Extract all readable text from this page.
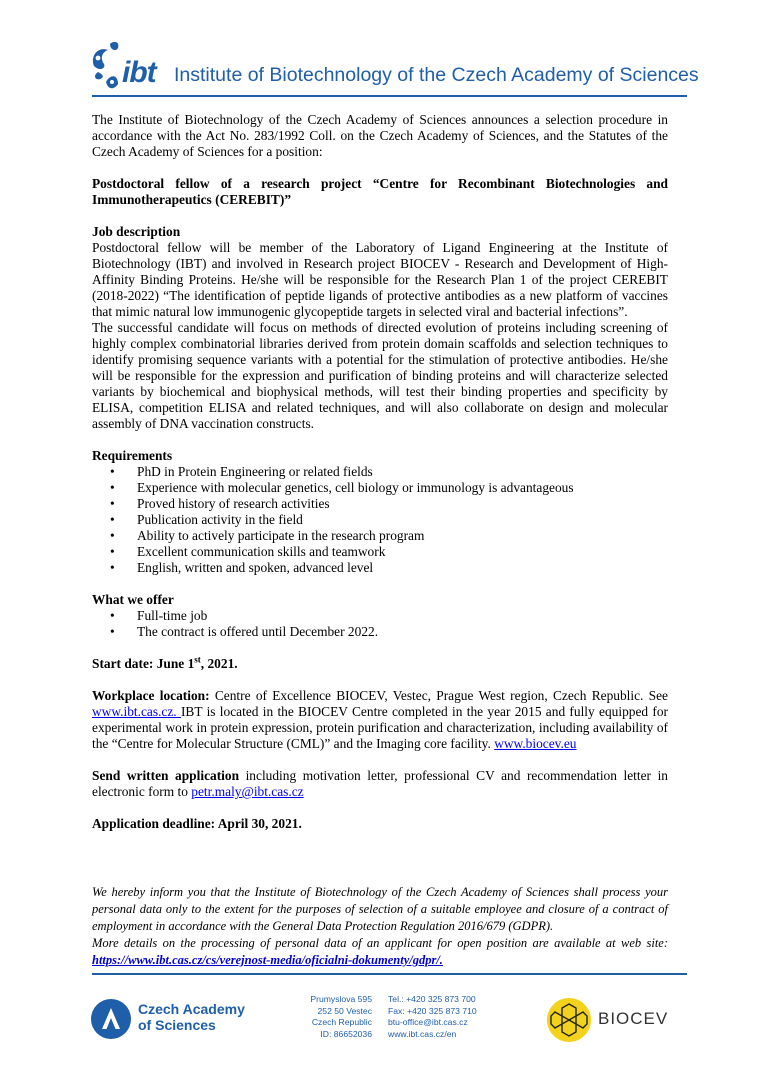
ibt Institute of Biotechnology of the Czech Academy of Sciences

The Institute of Biotechnology of the Czech Academy of Sciences announces a selection procedure in accordance with the Act No. 283/1992 Coll. on the Czech Academy of Sciences, and the Statutes of the Czech Academy of Sciences for a position:

Postdoctoral fellow of a research project “Centre for Recombinant Biotechnologies and Immunotherapeutics (CEREBIT)”

Job description

Postdoctoral fellow will be member of the Laboratory of Ligand Engineering at the Institute of Biotechnology (IBT) and involved in Research project BIOCEV - Research and Development of High-Affinity Binding Proteins. He/she will be responsible for the Research Plan 1 of the project CEREBIT (2018-2022) “The identification of peptide ligands of protective antibodies as a new platform of vaccines that mimic natural low immunogenic glycopeptide targets in selected viral and bacterial infections”.

The successful candidate will focus on methods of directed evolution of proteins including screening of highly complex combinatorial libraries derived from protein domain scaffolds and selection techniques to identify promising sequence variants with a potential for the stimulation of protective antibodies. He/she will be responsible for the expression and purification of binding proteins and will characterize selected variants by biochemical and biophysical methods, will test their binding properties and specificity by ELISA, competition ELISA and related techniques, and will also collaborate on design and molecular assembly of DNA vaccination constructs.

Requirements

• PhD in Protein Engineering or related fields
• Experience with molecular genetics, cell biology or immunology is advantageous
• Proved history of research activities
• Publication activity in the field
• Ability to actively participate in the research program
• Excellent communication skills and teamwork
• English, written and spoken, advanced level

What we offer

• Full-time job
• The contract is offered until December 2022.

Start date: June 1st, 2021.

Workplace location: Centre of Excellence BIOCEV, Vestec, Prague West region, Czech Republic. See www.ibt.cas.cz. IBT is located in the BIOCEV Centre completed in the year 2015 and fully equipped for experimental work in protein expression, protein purification and characterization, including availability of the “Centre for Molecular Structure (CML)” and the Imaging core facility. www.biocev.eu

Send written application including motivation letter, professional CV and recommendation letter in electronic form to petr.maly@ibt.cas.cz

Application deadline: April 30, 2021.

We hereby inform you that the Institute of Biotechnology of the Czech Academy of Sciences shall process your personal data only to the extent for the purposes of selection of a suitable employee and closure of a contract of employment in accordance with the General Data Protection Regulation 2016/679 (GDPR).

More details on the processing of personal data of an applicant for open position are available at web site: https://www.ibt.cas.cz/cs/verejnost-media/oficialni-dokumenty/gdpr/.

Czech Academy
of Sciences
Prumyslova 595
252 50 Vestec
Czech Republic
ID: 86652036
Tel.: +420 325 873 700
Fax: +420 325 873 710
btu-office@ibt.cas.cz
www.ibt.cas.cz/en
BIOCEV
